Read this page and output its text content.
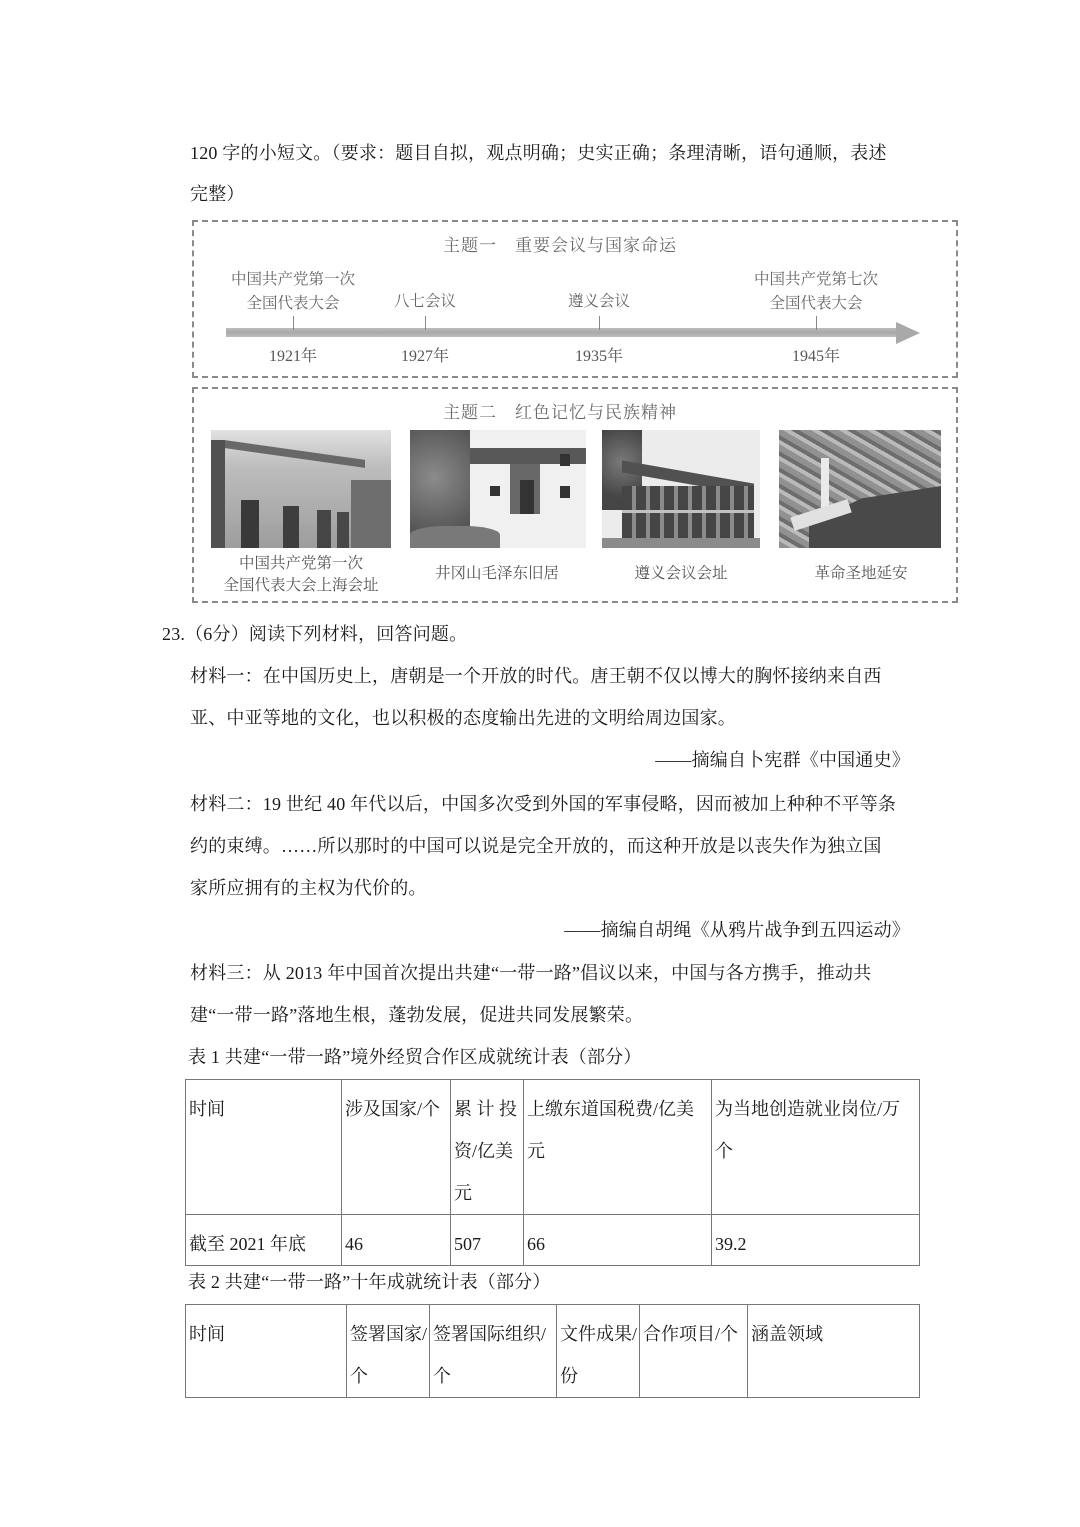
120 字的小短文。（要求：题目自拟，观点明确；史实正确；条理清晰，语句通顺，表述
完整）
主题一　重要会议与国家命运
中国共产党第一次
全国代表大会
1921年
八七会议
1927年
遵义会议
1935年
中国共产党第七次
全国代表大会
1945年
主题二　红色记忆与民族精神
中国共产党第一次
全国代表大会上海会址
井冈山毛泽东旧居	遵义会议会址	革命圣地延安
23.（6分）阅读下列材料，回答问题。
材料一：在中国历史上，唐朝是一个开放的时代。唐王朝不仅以博大的胸怀接纳来自西
亚、中亚等地的文化，也以积极的态度输出先进的文明给周边国家。
——摘编自卜宪群《中国通史》
材料二：19 世纪 40 年代以后，中国多次受到外国的军事侵略，因而被加上种种不平等条
约的束缚。……所以那时的中国可以说是完全开放的，而这种开放是以丧失作为独立国
家所应拥有的主权为代价的。
——摘编自胡绳《从鸦片战争到五四运动》
材料三：从 2013 年中国首次提出共建“一带一路”倡议以来，中国与各方携手，推动共
建“一带一路”落地生根，蓬勃发展，促进共同发展繁荣。
表 1 共建“一带一路”境外经贸合作区成就统计表（部分）
时间	涉及国家/个	累 计 投 资/亿美元	上缴东道国税费/亿美元	为当地创造就业岗位/万个
截至 2021 年底	46	507	66	39.2
表 2 共建“一带一路”十年成就统计表（部分）
时间	签署国家/个	签署国际组织/个	文件成果/份	合作项目/个	涵盖领域
